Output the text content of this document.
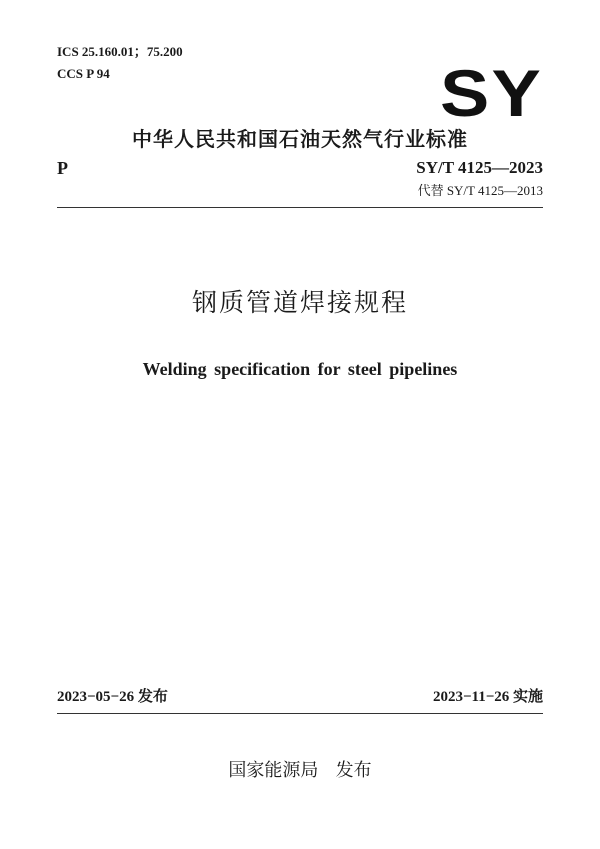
ICS 25.160.01；75.200
CCS P 94	SY
中华人民共和国石油天然气行业标准
P	SY/T 4125—2023
代替 SY/T 4125—2013
钢质管道焊接规程
Welding specification for steel pipelines
2023−05−26 发布	2023−11−26 实施
国家能源局   发布
